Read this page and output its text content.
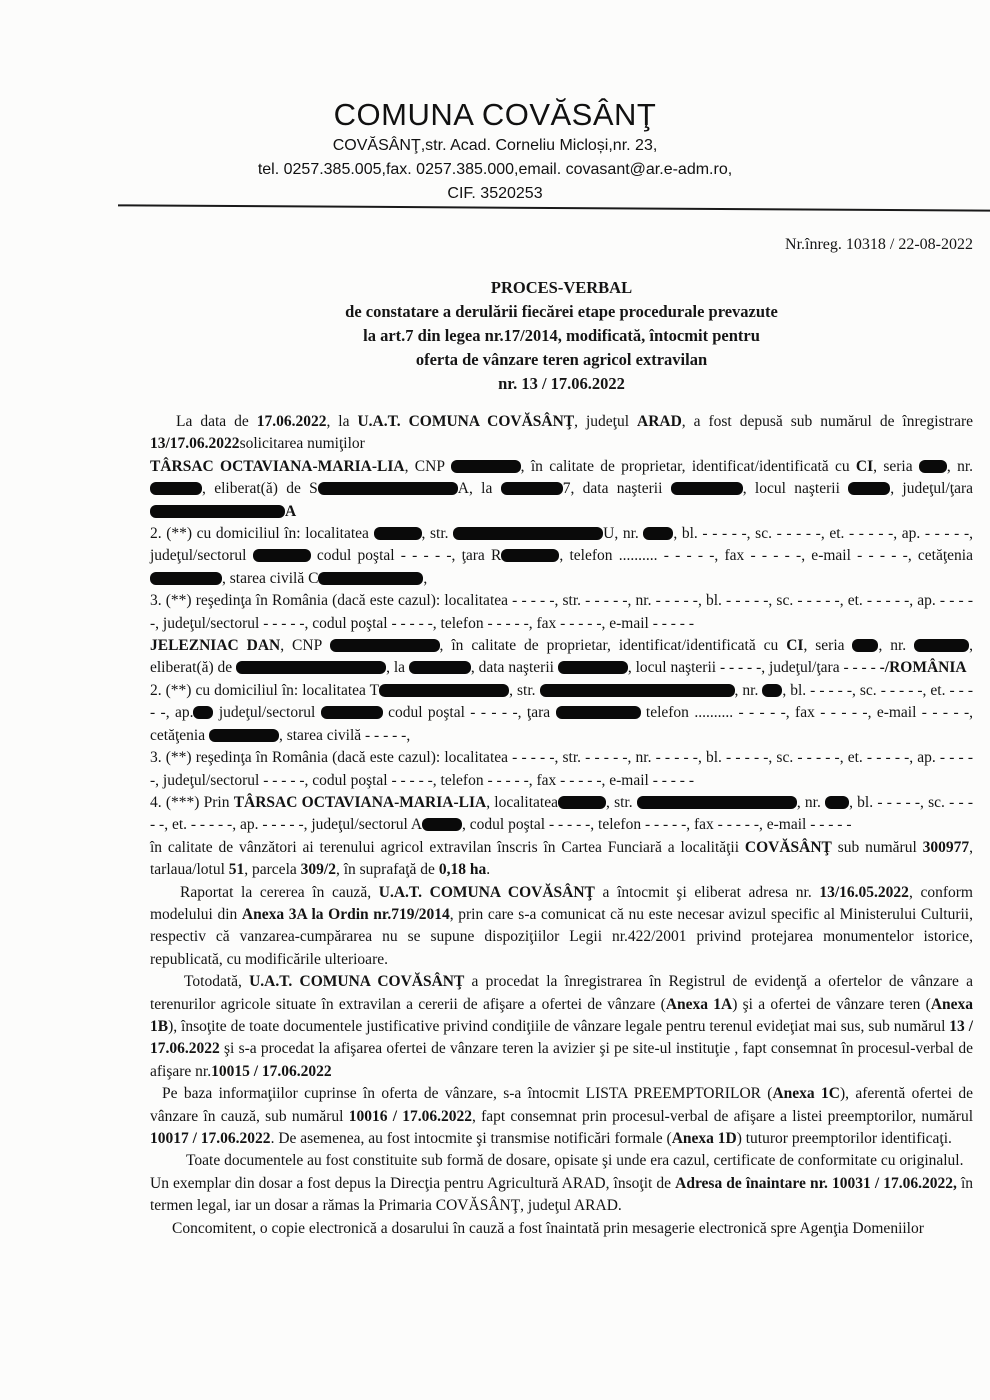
COMUNA COVĂSÂNŢ
COVĂSÂNŢ,str. Acad. Corneliu Micloși,nr. 23,
tel. 0257.385.005,fax. 0257.385.000,email. covasant@ar.e-adm.ro,
CIF. 3520253
Nr.înreg. 10318 / 22-08-2022
PROCES-VERBAL
de constatare a derulării fiecărei etape procedurale prevazute
la art.7 din legea nr.17/2014, modificată, întocmit pentru
oferta de vânzare teren agricol extravilan
nr. 13 / 17.06.2022

La data de 17.06.2022, la U.A.T. COMUNA COVĂSÂNŢ, judeţul ARAD, a fost depusă sub numărul de înregistrare 13/17.06.2022solicitarea numiţilor

TÂRSAC OCTAVIANA-MARIA-LIA, CNP	, în calitate de proprietar, identificat/identificată cu CI, seria , nr., eliberat(ă) de S	A, la	7, data naşterii	, locul naşterii	, judeţul/ţara A

2. (**) cu domiciliul în: localitatea	, str.	U, nr. , bl. - - - - -, sc. - - - - -, et. - - - - -, ap. - - - - -, judeţul/sectorul	codul poştal - - - - -, ţara R	, telefon .......... - - - - -, fax - - - - -, e-mail - - - - -, cetăţenia , starea civilă C	,

3. (**) reşedinţa în România (dacă este cazul): localitatea - - - - -, str. - - - - -, nr. - - - - -, bl. - - - - -, sc. - - - - -, et. - - - - -, ap. - - - - -, judeţul/sectorul - - - - -, codul poştal - - - - -, telefon - - - - -, fax - - - - -, e-mail - - - - -

JELEZNIAC DAN, CNP	, în calitate de proprietar, identificat/identificată cu CI, seria , nr.	, eliberat(ă) de	, la	, data naşterii	, locul naşterii - - - - -, judeţul/ţara - - - - -/ROMÂNIA

2. (**) cu domiciliul în: localitatea T	, str.	, nr. , bl. - - - - -, sc. - - - - -, et. - - - - -, ap. judeţul/sectorul	codul poştal - - - - -, ţara	telefon .......... - - - - -, fax - - - - -, e-mail - - - - -, cetăţenia	, starea civilă - - - - -,

3. (**) reşedinţa în România (dacă este cazul): localitatea - - - - -, str. - - - - -, nr. - - - - -, bl. - - - - -, sc. - - - - -, et. - - - - -, ap. - - - - -, judeţul/sectorul - - - - -, codul poştal - - - - -, telefon - - - - -, fax - - - - -, e-mail - - - - -

4. (***) Prin TÂRSAC OCTAVIANA-MARIA-LIA, localitatea	, str.	, nr. , bl. - - - - -, sc. - - - - -, et. - - - - -, ap. - - - - -, judeţul/sectorul A	, codul poştal - - - - -, telefon - - - - -, fax - - - - -, e-mail - - - - -

în calitate de vânzători ai terenului agricol extravilan înscris în Cartea Funciară a localităţii COVĂSÂNŢ sub numărul 300977, tarlaua/lotul 51, parcela 309/2, în suprafaţă de 0,18 ha.

Raportat la cererea în cauză, U.A.T. COMUNA COVĂSÂNŢ a întocmit şi eliberat adresa nr. 13/16.05.2022, conform modelului din Anexa 3A la Ordin nr.719/2014, prin care s-a comunicat că nu este necesar avizul specific al Ministerului Culturii, respectiv că vanzarea-cumpărarea nu se supune dispoziţiilor Legii nr.422/2001 privind protejarea monumentelor istorice, republicată, cu modificările ulterioare.

Totodată, U.A.T. COMUNA COVĂSÂNŢ a procedat la înregistrarea în Registrul de evidenţă a ofertelor de vânzare a terenurilor agricole situate în extravilan a cererii de afişare a ofertei de vânzare (Anexa 1A) şi a ofertei de vânzare teren (Anexa 1B), însoţite de toate documentele justificative privind condiţiile de vânzare legale pentru terenul evideţiat mai sus, sub numărul 13 / 17.06.2022 şi s-a procedat la afişarea ofertei de vânzare teren la avizier şi pe site-ul instituţie , fapt consemnat în procesul-verbal de afişare nr.10015 / 17.06.2022

Pe baza informaţiilor cuprinse în oferta de vânzare, s-a întocmit LISTA PREEMPTORILOR (Anexa 1C), aferentă ofertei de vânzare în cauză, sub numărul 10016 / 17.06.2022, fapt consemnat prin procesul-verbal de afişare a listei preemptorilor, numărul 10017 / 17.06.2022. De asemenea, au fost intocmite şi transmise notificări formale (Anexa 1D) tuturor preemptorilor identificaţi.

Toate documentele au fost constituite sub formă de dosare, opisate şi unde era cazul, certificate de conformitate cu originalul.

Un exemplar din dosar a fost depus la Direcţia pentru Agricultură ARAD, însoţit de Adresa de înaintare nr. 10031 / 17.06.2022, în termen legal, iar un dosar a rămas la Primaria COVĂSÂNŢ, judeţul ARAD.

Concomitent, o copie electronică a dosarului în cauză a fost înaintată prin mesagerie electronică spre Agenţia Domeniilor
